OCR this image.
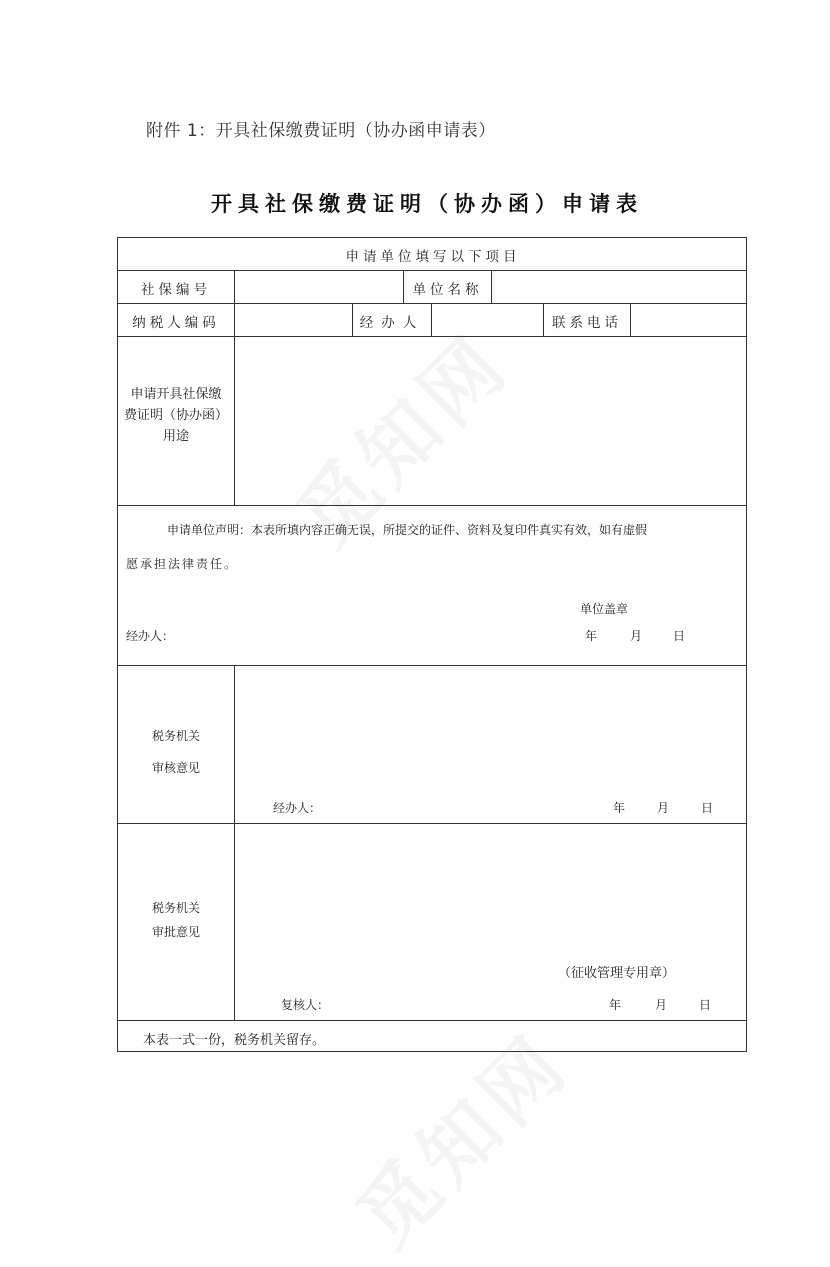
附件 1：开具社保缴费证明（协办函申请表）
开具社保缴费证明（协办函）申请表
申请单位填写以下项目
社保编号	单位名称
纳税人编码	经办人	联系电话
申请开具社保缴
费证明（协办函）
用途
申请单位声明：本表所填内容正确无误，所提交的证件、资料及复印件真实有效，如有虚假
愿承担法律责任。
单位盖章
经办人：	年	月	日
税务机关
审核意见
经办人：	年	月	日
税务机关
审批意见
（征收管理专用章）
复核人：	年	月	日
本表一式一份，税务机关留存。
